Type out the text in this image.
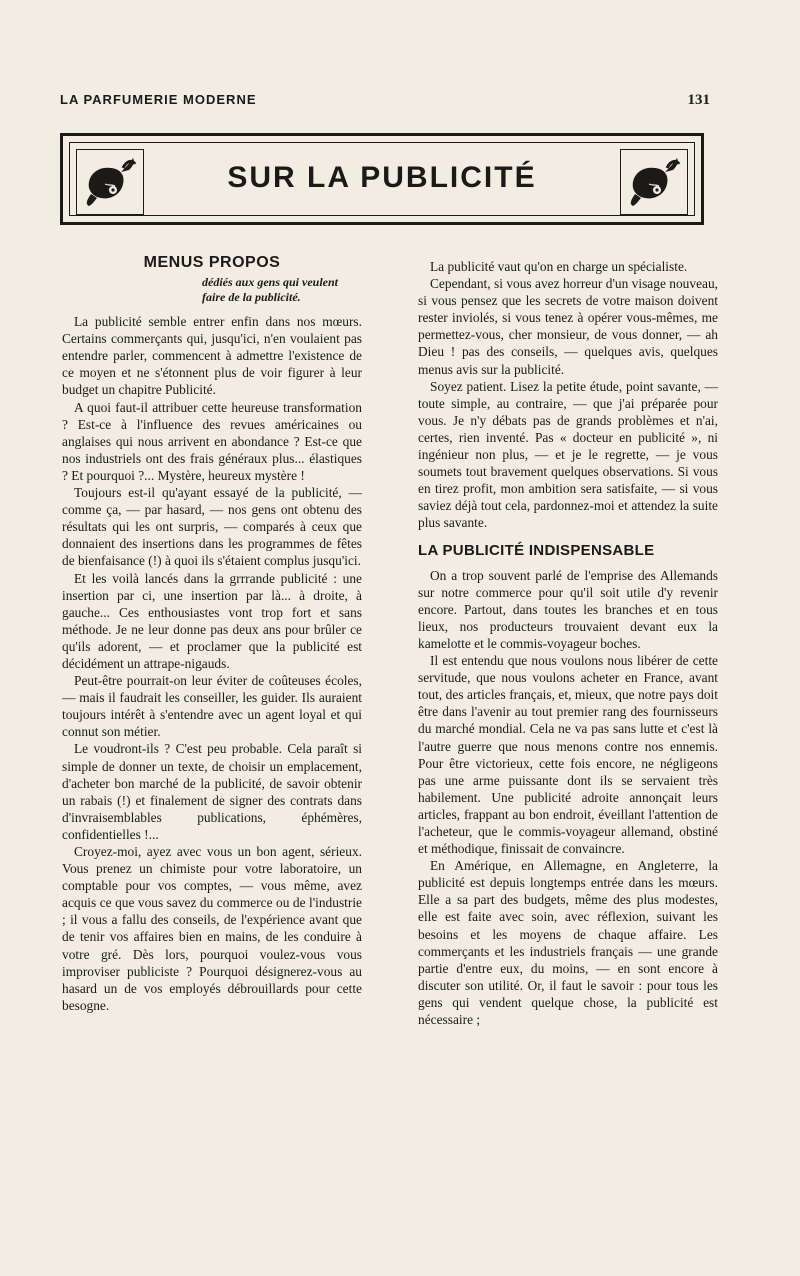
LA PARFUMERIE MODERNE	131
SUR LA PUBLICITÉ
MENUS PROPOS
dédiés aux gens qui veulent faire de la publicité.

La publicité semble entrer enfin dans nos mœurs. Certains commerçants qui, jusqu'ici, n'en voulaient pas entendre parler, commencent à admettre l'existence de ce moyen et ne s'étonnent plus de voir figurer à leur budget un chapitre Publicité.

A quoi faut-il attribuer cette heureuse transformation ? Est-ce à l'influence des revues américaines ou anglaises qui nous arrivent en abondance ? Est-ce que nos industriels ont des frais généraux plus... élastiques ? Et pourquoi ?... Mystère, heureux mystère !

Toujours est-il qu'ayant essayé de la publicité, — comme ça, — par hasard, — nos gens ont obtenu des résultats qui les ont surpris, — comparés à ceux que donnaient des insertions dans les programmes de fêtes de bienfaisance (!) à quoi ils s'étaient complus jusqu'ici.

Et les voilà lancés dans la grrrande publicité : une insertion par ci, une insertion par là... à droite, à gauche... Ces enthousiastes vont trop fort et sans méthode. Je ne leur donne pas deux ans pour brûler ce qu'ils adorent, — et proclamer que la publicité est décidément un attrape-nigauds.

Peut-être pourrait-on leur éviter de coûteuses écoles, — mais il faudrait les conseiller, les guider. Ils auraient toujours intérêt à s'entendre avec un agent loyal et qui connut son métier.

Le voudront-ils ? C'est peu probable. Cela paraît si simple de donner un texte, de choisir un emplacement, d'acheter bon marché de la publicité, de savoir obtenir un rabais (!) et finalement de signer des contrats dans d'invraisemblables publications, éphémères, confidentielles !...

Croyez-moi, ayez avec vous un bon agent, sérieux. Vous prenez un chimiste pour votre laboratoire, un comptable pour vos comptes, — vous même, avez acquis ce que vous savez du commerce ou de l'industrie ; il vous a fallu des conseils, de l'expérience avant que de tenir vos affaires bien en mains, de les conduire à votre gré. Dès lors, pourquoi voulez-vous vous improviser publiciste ? Pourquoi désignerez-vous au hasard un de vos employés débrouillards pour cette besogne.

La publicité vaut qu'on en charge un spécialiste.

Cependant, si vous avez horreur d'un visage nouveau, si vous pensez que les secrets de votre maison doivent rester inviolés, si vous tenez à opérer vous-mêmes, me permettez-vous, cher monsieur, de vous donner, — ah Dieu ! pas des conseils, — quelques avis, quelques menus avis sur la publicité.

Soyez patient. Lisez la petite étude, point savante, — toute simple, au contraire, — que j'ai préparée pour vous. Je n'y débats pas de grands problèmes et n'ai, certes, rien inventé. Pas « docteur en publicité », ni ingénieur non plus, — et je le regrette, — je vous soumets tout bravement quelques observations. Si vous en tirez profit, mon ambition sera satisfaite, — si vous saviez déjà tout cela, pardonnez-moi et attendez la suite plus savante.

LA PUBLICITÉ INDISPENSABLE

On a trop souvent parlé de l'emprise des Allemands sur notre commerce pour qu'il soit utile d'y revenir encore. Partout, dans toutes les branches et en tous lieux, nos producteurs trouvaient devant eux la kamelotte et le commis-voyageur boches.

Il est entendu que nous voulons nous libérer de cette servitude, que nous voulons acheter en France, avant tout, des articles français, et, mieux, que notre pays doit être dans l'avenir au tout premier rang des fournisseurs du marché mondial. Cela ne va pas sans lutte et c'est là l'autre guerre que nous menons contre nos ennemis. Pour être victorieux, cette fois encore, ne négligeons pas une arme puissante dont ils se servaient très habilement. Une publicité adroite annonçait leurs articles, frappant au bon endroit, éveillant l'attention de l'acheteur, que le commis-voyageur allemand, obstiné et méthodique, finissait de convaincre.

En Amérique, en Allemagne, en Angleterre, la publicité est depuis longtemps entrée dans les mœurs. Elle a sa part des budgets, même des plus modestes, elle est faite avec soin, avec réflexion, suivant les besoins et les moyens de chaque affaire. Les commerçants et les industriels français — une grande partie d'entre eux, du moins, — en sont encore à discuter son utilité. Or, il faut le savoir : pour tous les gens qui vendent quelque chose, la publicité est nécessaire ;
